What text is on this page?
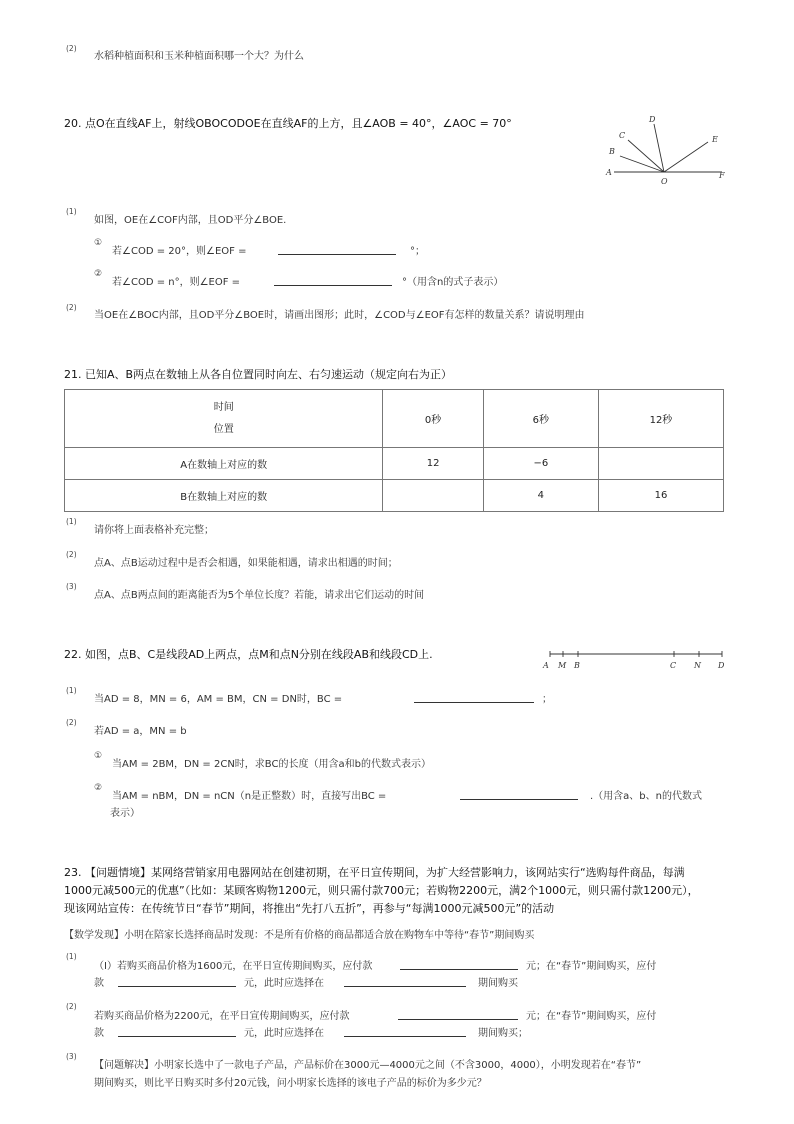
(2)
水稻种植面积和玉米种植面积哪一个大？为什么
20. 点O在直线AF上，射线OBOCODOE在直线AF的上方，且∠AOB = 40°，∠AOC = 70°
A
B
C
D
E
F
O
(1)
如图，OE在∠COF内部，且OD平分∠BOE.
①
若∠COD = 20°，则∠EOF =	°；
②
若∠COD = n°，则∠EOF =	°（用含n的式子表示）
(2)
当OE在∠BOC内部，且OD平分∠BOE时，请画出图形；此时，∠COD与∠EOF有怎样的数量关系？请说明理由
21. 已知A、B两点在数轴上从各自位置同时向左、右匀速运动（规定向右为正）
时间
位置	0秒	6秒	12秒
A在数轴上对应的数	12	−6	
B在数轴上对应的数		4	16
(1)
请你将上面表格补充完整；
(2)
点A、点B运动过程中是否会相遇，如果能相遇，请求出相遇的时间；
(3)
点A、点B两点间的距离能否为5个单位长度？若能，请求出它们运动的时间
22. 如图，点B、C是线段AD上两点，点M和点N分别在线段AB和线段CD上.
A M B	C N D
(1)
当AD = 8，MN = 6，AM = BM，CN = DN时，BC =	；
(2)
若AD = a，MN = b
①
当AM = 2BM，DN = 2CN时，求BC的长度（用含a和b的代数式表示）
②
当AM = nBM，DN = nCN（n是正整数）时，直接写出BC =	.（用含a、b、n的代数式
表示）
23. 【问题情境】某网络营销家用电器网站在创建初期，在平日宣传期间，为扩大经营影响力，该网站实行“选购每件商品，每满
1000元减500元的优惠”（比如：某顾客购物1200元，则只需付款700元；若购物2200元，满2个1000元，则只需付款1200元），
现该网站宣传：在传统节日“春节”期间，将推出“先打八五折”，再参与“每满1000元减500元”的活动
【数学发现】小明在陪家长选择商品时发现：不是所有价格的商品都适合放在购物车中等待“春节”期间购买
(1)
（I）若购买商品价格为1600元，在平日宣传期间购买，应付款	元；在“春节”期间购买，应付
款	元，此时应选择在	期间购买
(2)
若购买商品价格为2200元，在平日宣传期间购买，应付款	元；在“春节”期间购买，应付
款	元，此时应选择在	期间购买；
(3)
【问题解决】小明家长选中了一款电子产品，产品标价在3000元—4000元之间（不含3000，4000），小明发现若在“春节”
期间购买，则比平日购买时多付20元钱，问小明家长选择的该电子产品的标价为多少元？
